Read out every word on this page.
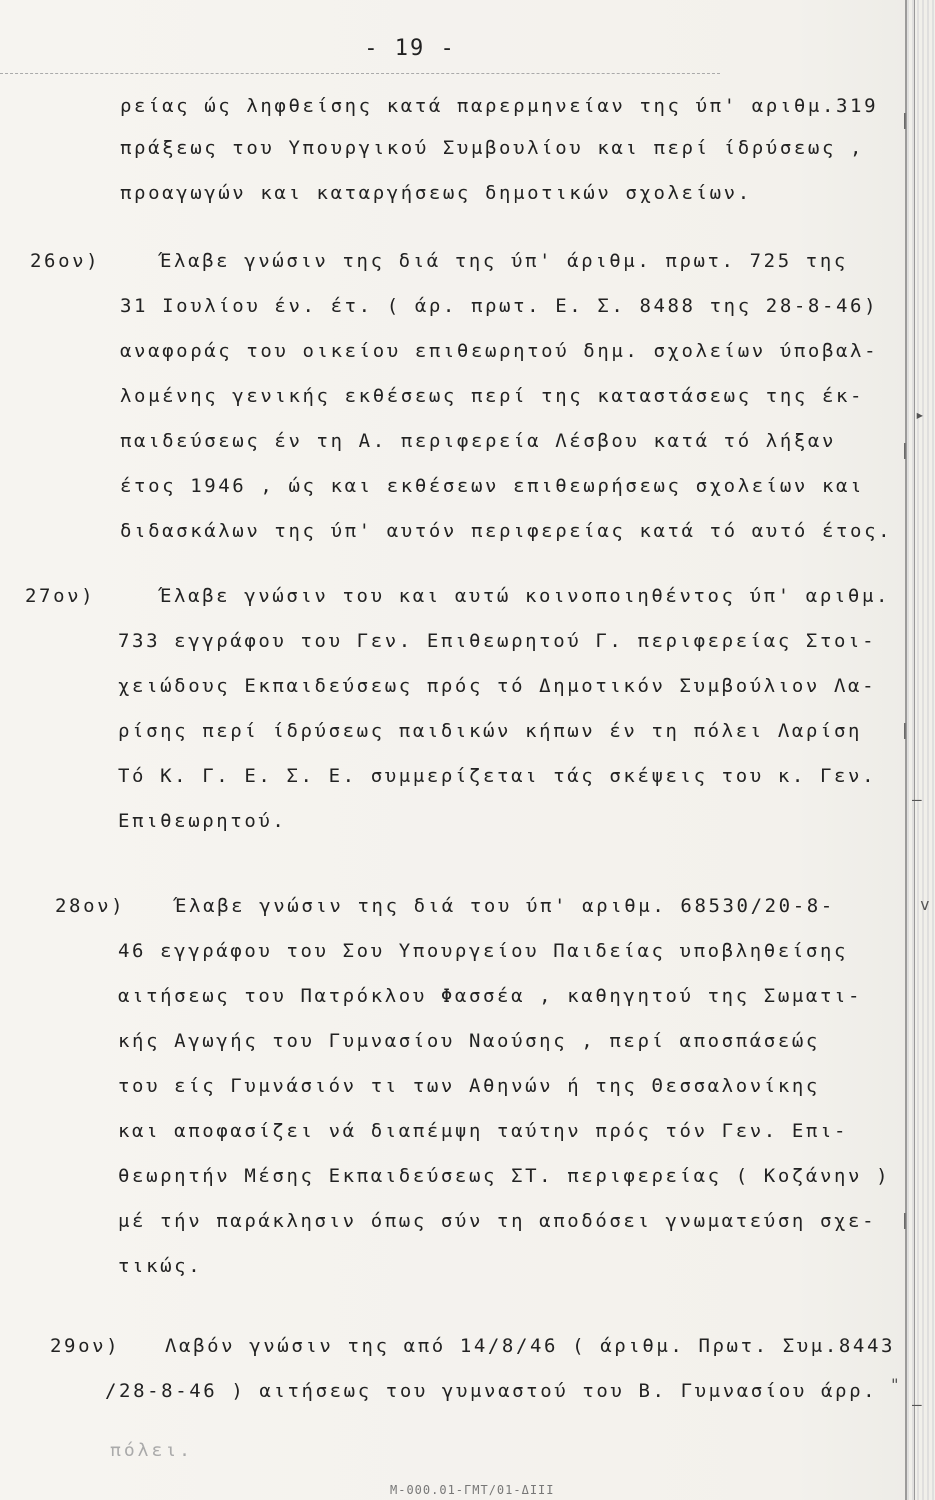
- 19 -
ρείας ώς ληφθείσης κατά παρερμηνείαν της ύπ' αριθμ.319
πράξεως του Υπουργικού Συμβουλίου και περί ίδρύσεως ,
προαγωγών και καταργήσεως δημοτικών σχολείων.
26ον)	Έλαβε γνώσιν της διά της ύπ' άριθμ. πρωτ. 725 της
31 Ιουλίου έν. έτ. ( άρ. πρωτ. Ε. Σ. 8488 της 28-8-46)
αναφοράς του οικείου επιθεωρητού δημ. σχολείων ύποβαλ-
λομένης γενικής εκθέσεως περί της καταστάσεως της έκ-
παιδεύσεως έν τη Α. περιφερεία Λέσβου κατά τό λήξαν
έτος 1946 , ώς και εκθέσεων επιθεωρήσεως σχολείων και
διδασκάλων της ύπ' αυτόν περιφερείας κατά τό αυτό έτος.
27ον)	Έλαβε γνώσιν του και αυτώ κοινοποιηθέντος ύπ' αριθμ.
733 εγγράφου του Γεν. Επιθεωρητού Γ. περιφερείας Στοι-
χειώδους Εκπαιδεύσεως πρός τό Δημοτικόν Συμβούλιον Λα-
ρίσης περί ίδρύσεως παιδικών κήπων έν τη πόλει Λαρίση
Τό Κ. Γ. Ε. Σ. Ε. συμμερίζεται τάς σκέψεις του κ. Γεν.
Επιθεωρητού.
28ον)	Έλαβε γνώσιν της διά του ύπ' αριθμ. 68530/20-8-
46 εγγράφου του Σου Υπουργείου Παιδείας υποβληθείσης
αιτήσεως του Πατρόκλου Φασσέα , καθηγητού της Σωματι-
κής Αγωγής του Γυμνασίου Ναούσης , περί αποσπάσεώς
του είς Γυμνάσιόν τι των Αθηνών ή της Θεσσαλονίκης
και αποφασίζει νά διαπέμψη ταύτην πρός τόν Γεν. Επι-
θεωρητήν Μέσης Εκπαιδεύσεως ΣΤ. περιφερείας ( Κοζάνην )
μέ τήν παράκλησιν όπως σύν τη αποδόσει γνωματεύση σχε-
τικώς.
29ον) Λαβόν γνώσιν της από 14/8/46 ( άριθμ. Πρωτ. Συμ.8443
/28-8-46 ) αιτήσεως του γυμναστού του Β. Γυμνασίου άρρ.
πόλει.
|
▸
|
|
v
—
|
"
—
Μ-000.01-ΓΜΤ/01-ΔΙΙΙ
